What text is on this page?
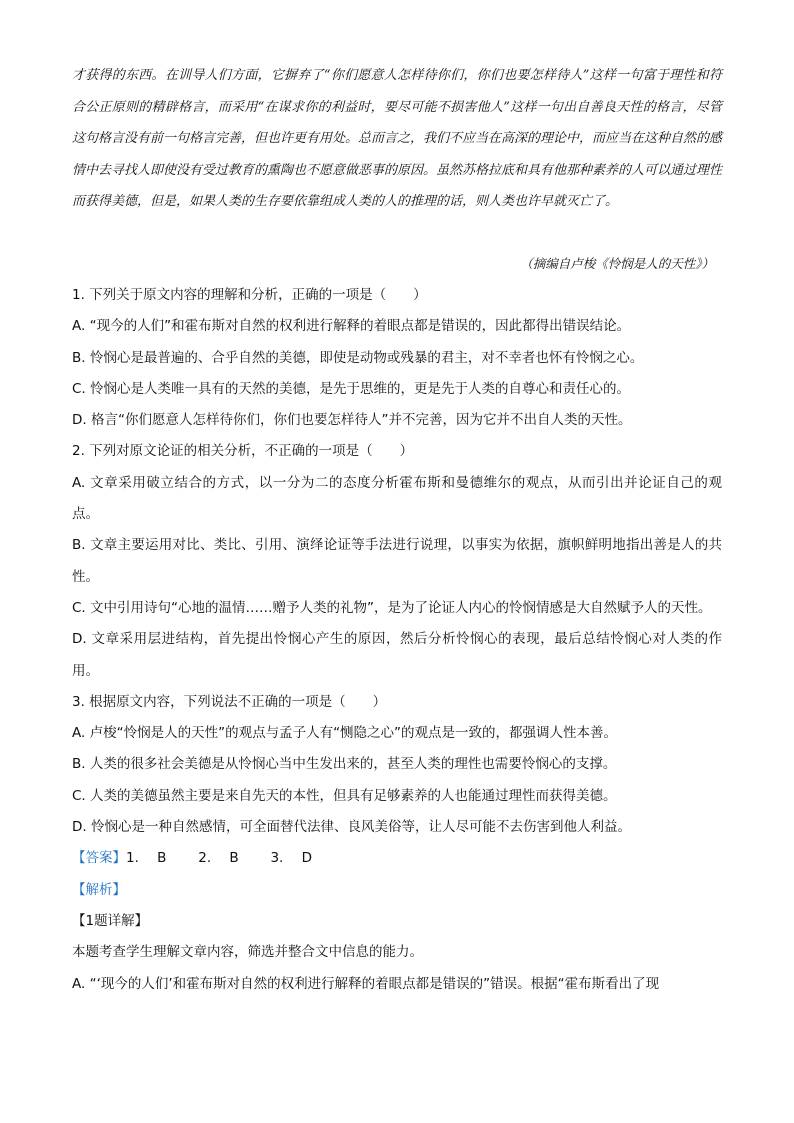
才获得的东西。在训导人们方面，它摒弃了“你们愿意人怎样待你们，你们也要怎样待人”这样一句富于理性和符合公正原则的精辟格言，而采用“在谋求你的利益时，要尽可能不损害他人”这样一句出自善良天性的格言，尽管这句格言没有前一句格言完善，但也许更有用处。总而言之，我们不应当在高深的理论中，而应当在这种自然的感情中去寻找人即使没有受过教育的熏陶也不愿意做恶事的原因。虽然苏格拉底和具有他那种素养的人可以通过理性而获得美德，但是，如果人类的生存要依靠组成人类的人的推理的话，则人类也许早就灭亡了。
（摘编自卢梭《怜悯是人的天性》）

1. 下列关于原文内容的理解和分析，正确的一项是（　　）

A. “现今的人们”和霍布斯对自然的权利进行解释的着眼点都是错误的，因此都得出错误结论。

B. 怜悯心是最普遍的、合乎自然的美德，即使是动物或残暴的君主，对不幸者也怀有怜悯之心。

C. 怜悯心是人类唯一具有的天然的美德，是先于思维的，更是先于人类的自尊心和责任心的。

D. 格言“你们愿意人怎样待你们，你们也要怎样待人”并不完善，因为它并不出自人类的天性。

2. 下列对原文论证的相关分析，不正确的一项是（　　）

A. 文章采用破立结合的方式，以一分为二的态度分析霍布斯和曼德维尔的观点，从而引出并论证自己的观点。

B. 文章主要运用对比、类比、引用、演绎论证等手法进行说理，以事实为依据，旗帜鲜明地指出善是人的共性。

C. 文中引用诗句“心地的温情……赠予人类的礼物”，是为了论证人内心的怜悯情感是大自然赋予人的天性。

D. 文章采用层进结构，首先提出怜悯心产生的原因，然后分析怜悯心的表现，最后总结怜悯心对人类的作用。

3. 根据原文内容，下列说法不正确的一项是（　　）

A. 卢梭“怜悯是人的天性”的观点与孟子人有“恻隐之心”的观点是一致的，都强调人性本善。

B. 人类的很多社会美德是从怜悯心当中生发出来的，甚至人类的理性也需要怜悯心的支撑。

C. 人类的美德虽然主要是来自先天的本性，但具有足够素养的人也能通过理性而获得美德。

D. 怜悯心是一种自然感情，可全面替代法律、良风美俗等，让人尽可能不去伤害到他人利益。

【答案】1. B　 2. B　 3. D

【解析】

【1题详解】

本题考查学生理解文章内容，筛选并整合文中信息的能力。

A. “‘现今的人们’和霍布斯对自然的权利进行解释的着眼点都是错误的”错误。根据“霍布斯看出了现
